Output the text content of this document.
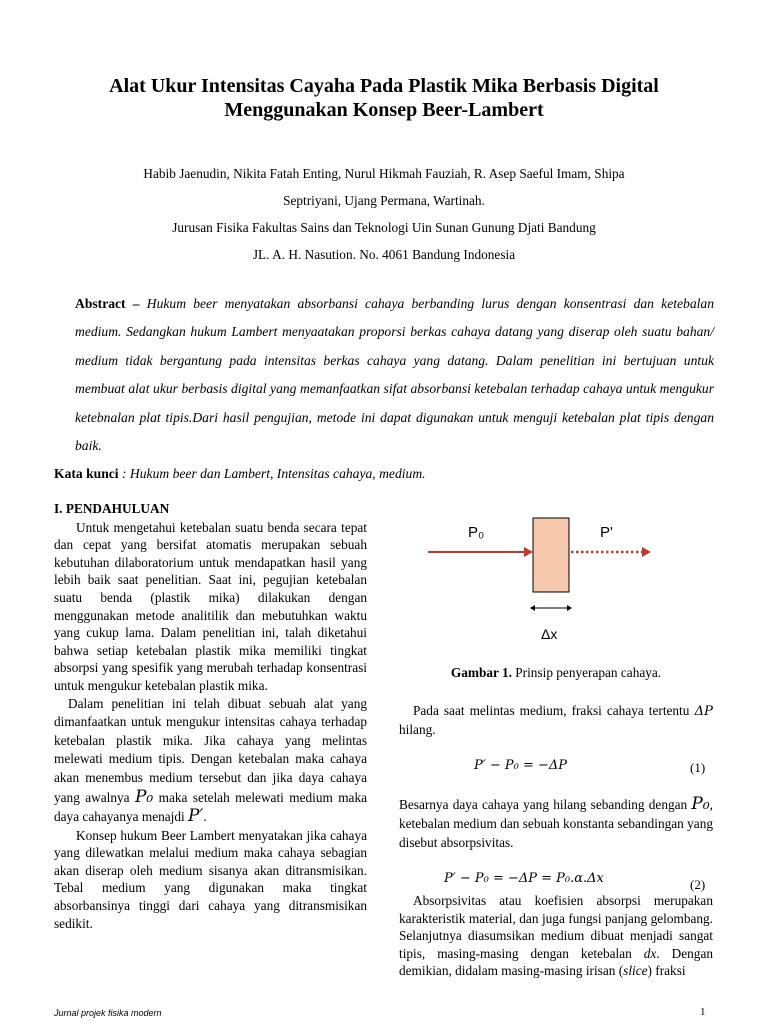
Alat Ukur Intensitas Cayaha Pada Plastik Mika Berbasis Digital
Menggunakan Konsep Beer-Lambert
Habib Jaenudin, Nikita Fatah Enting, Nurul Hikmah Fauziah, R. Asep Saeful Imam, Shipa
Septriyani, Ujang Permana, Wartinah.
Jurusan Fisika Fakultas Sains dan Teknologi Uin Sunan Gunung Djati Bandung
JL. A. H. Nasution. No. 4061 Bandung Indonesia
Abstract – Hukum beer menyatakan absorbansi cahaya berbanding lurus dengan konsentrasi dan ketebalan medium. Sedangkan hukum Lambert menyaatakan proporsi berkas cahaya datang yang diserap oleh suatu bahan/ medium tidak bergantung pada intensitas berkas cahaya yang datang. Dalam penelitian ini bertujuan untuk membuat alat ukur berbasis digital yang memanfaatkan sifat absorbansi ketebalan terhadap cahaya untuk mengukur ketebnalan plat tipis.Dari hasil pengujian, metode ini dapat digunakan untuk menguji ketebalan plat tipis dengan baik.
Kata kunci : Hukum beer dan Lambert, Intensitas cahaya, medium.
I. PENDAHULUAN

Untuk mengetahui ketebalan suatu benda secara tepat dan cepat yang bersifat atomatis merupakan sebuah kebutuhan dilaboratorium untuk mendapatkan hasil yang lebih baik saat penelitian. Saat ini, pegujian ketebalan suatu benda (plastik mika) dilakukan dengan menggunakan metode analitilik dan mebutuhkan waktu yang cukup lama. Dalam penelitian ini, talah diketahui bahwa setiap ketebalan plastik mika memiliki tingkat absorpsi yang spesifik yang merubah terhadap konsentrasi untuk mengukur ketebalan plastik mika.

Dalam penelitian ini telah dibuat sebuah alat yang dimanfaatkan untuk mengukur intensitas cahaya terhadap ketebalan plastik mika. Jika cahaya yang melintas melewati medium tipis. Dengan ketebalan maka cahaya akan menembus medium tersebut dan jika daya cahaya yang awalnya P₀ maka setelah melewati medium maka daya cahayanya menajdi P′.

Konsep hukum Beer Lambert menyatakan jika cahaya yang dilewatkan melalui medium maka cahaya sebagian akan diserap oleh medium sisanya akan ditransmisikan. Tebal medium yang digunakan maka tingkat absorbansinya tinggi dari cahaya yang ditransmisikan sedikit.

P₀	P'
Δx
Gambar 1. Prinsip penyerapan cahaya.

Pada saat melintas medium, fraksi cahaya tertentu ΔP hilang.

P′ − P₀ = −ΔP	(1)

Besarnya daya cahaya yang hilang sebanding dengan P₀, ketebalan medium dan sebuah konstanta sebandingan yang disebut absorpsivitas.

P′ − P₀ = −ΔP = P₀.α.Δx	(2)

Absorpsivitas atau koefisien absorpsi merupakan karakteristik material, dan juga fungsi panjang gelombang. Selanjutnya diasumsikan medium dibuat menjadi sangat tipis, masing-masing dengan ketebalan dx. Dengan demikian, didalam masing-masing irisan (slice) fraksi

Jurnal projek fisika modern	1
